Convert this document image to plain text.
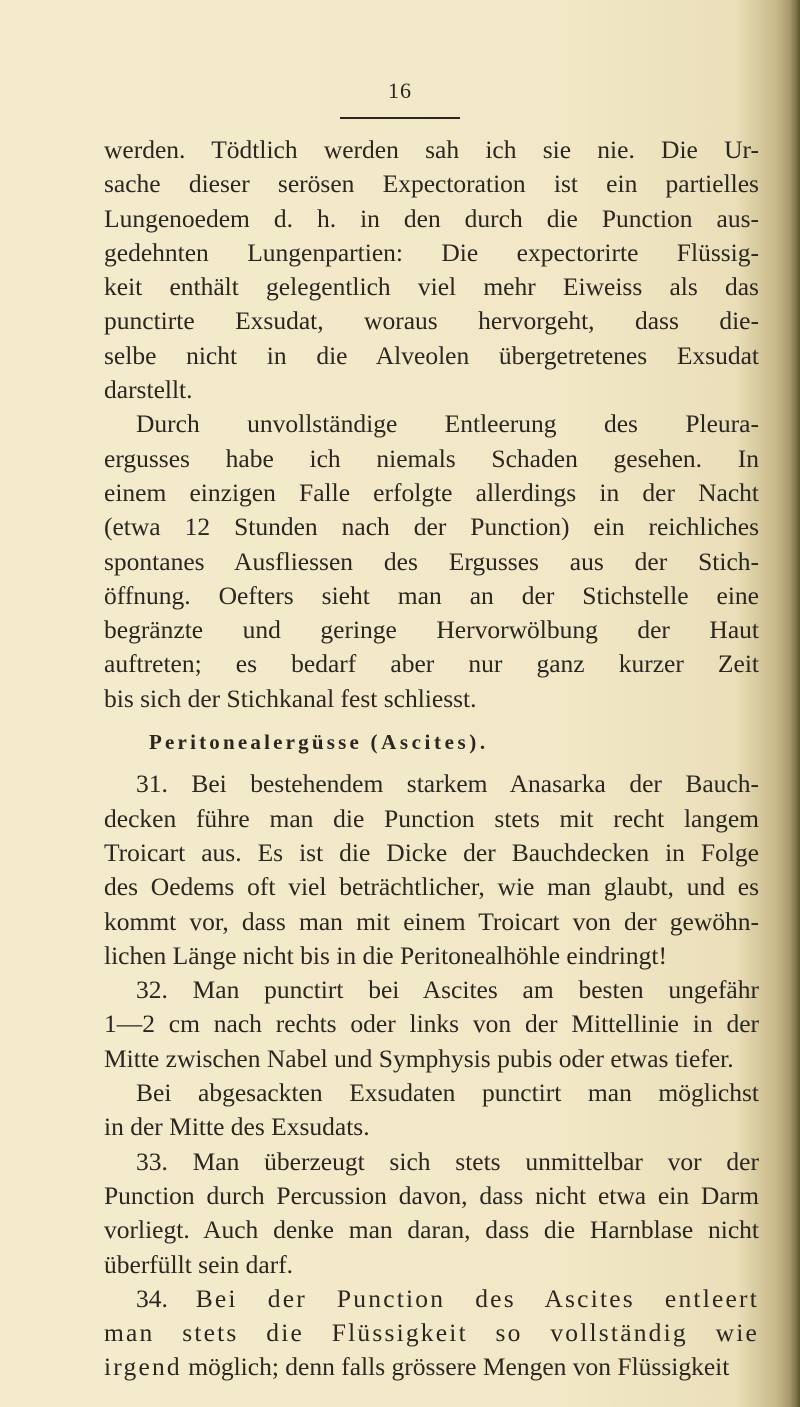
16
werden. Tödtlich werden sah ich sie nie. Die Ur-
sache dieser serösen Expectoration ist ein partielles
Lungenoedem d. h. in den durch die Punction aus-
gedehnten Lungenpartien: Die expectorirte Flüssig-
keit enthält gelegentlich viel mehr Eiweiss als das
punctirte Exsudat, woraus hervorgeht, dass die-
selbe nicht in die Alveolen übergetretenes Exsudat
darstellt.
Durch unvollständige Entleerung des Pleura-
ergusses habe ich niemals Schaden gesehen. In
einem einzigen Falle erfolgte allerdings in der Nacht
(etwa 12 Stunden nach der Punction) ein reichliches
spontanes Ausfliessen des Ergusses aus der Stich-
öffnung. Oefters sieht man an der Stichstelle eine
begränzte und geringe Hervorwölbung der Haut
auftreten; es bedarf aber nur ganz kurzer Zeit
bis sich der Stichkanal fest schliesst.
Peritonealergüsse (Ascites).
31. Bei bestehendem starkem Anasarka der Bauch-
decken führe man die Punction stets mit recht langem
Troicart aus. Es ist die Dicke der Bauchdecken in Folge
des Oedems oft viel beträchtlicher, wie man glaubt, und es
kommt vor, dass man mit einem Troicart von der gewöhn-
lichen Länge nicht bis in die Peritonealhöhle eindringt!
32. Man punctirt bei Ascites am besten ungefähr
1—2 cm nach rechts oder links von der Mittellinie in der
Mitte zwischen Nabel und Symphysis pubis oder etwas tiefer.
Bei abgesackten Exsudaten punctirt man möglichst
in der Mitte des Exsudats.
33. Man überzeugt sich stets unmittelbar vor der
Punction durch Percussion davon, dass nicht etwa ein Darm
vorliegt. Auch denke man daran, dass die Harnblase nicht
überfüllt sein darf.
34. Bei der Punction des Ascites entleert
man stets die Flüssigkeit so vollständig wie
irgend möglich; denn falls grössere Mengen von Flüssigkeit
